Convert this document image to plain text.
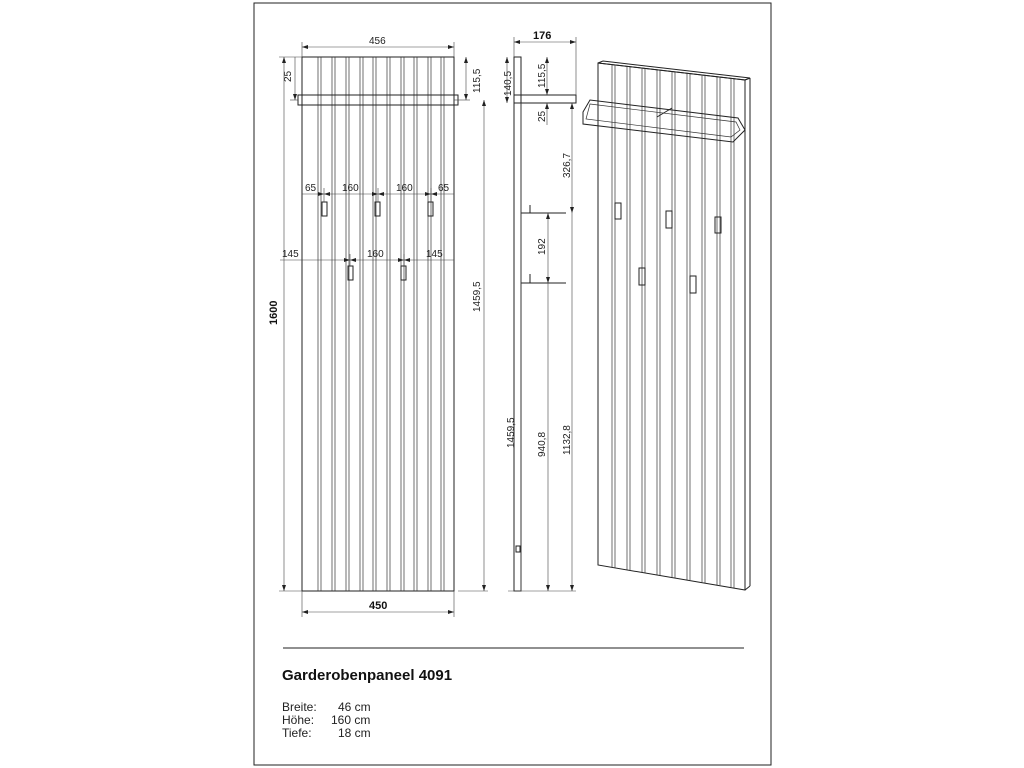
456
450
1600
25	115,5
1459,5
65	160	160	65
145	160	145
176
140,5 115,5
25
326,7
192
1459,5 940,8 1132,8
Garderobenpaneel 4091
Breite: 46 cm
Höhe: 160 cm
Tiefe: 18 cm
